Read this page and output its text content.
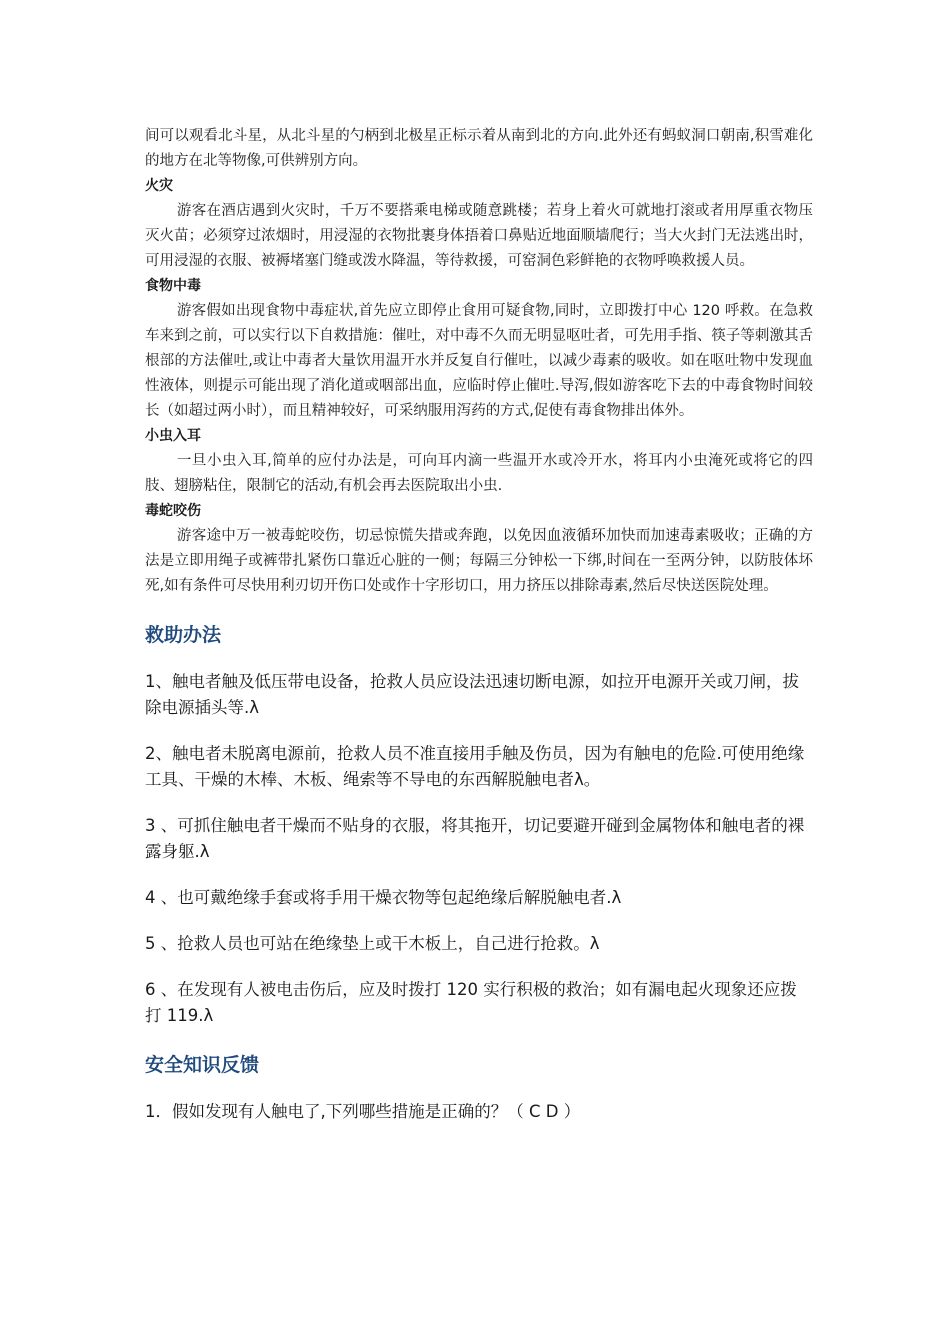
间可以观看北斗星，从北斗星的勺柄到北极星正标示着从南到北的方向.此外还有蚂蚁洞口朝南,积雪难化的地方在北等物像,可供辨别方向。

火灾

游客在酒店遇到火灾时，千万不要搭乘电梯或随意跳楼；若身上着火可就地打滚或者用厚重衣物压灭火苗；必须穿过浓烟时，用浸湿的衣物批裹身体捂着口鼻贴近地面顺墙爬行；当大火封门无法逃出时，可用浸湿的衣服、被褥堵塞门缝或泼水降温，等待救援，可窑洞色彩鲜艳的衣物呼唤救援人员。

食物中毒

游客假如出现食物中毒症状,首先应立即停止食用可疑食物,同时，立即拨打中心 120 呼救。在急救车来到之前，可以实行以下自救措施：催吐，对中毒不久而无明显呕吐者，可先用手指、筷子等刺激其舌根部的方法催吐,或让中毒者大量饮用温开水并反复自行催吐，以减少毒素的吸收。如在呕吐物中发现血性液体，则提示可能出现了消化道或咽部出血，应临时停止催吐.导泻,假如游客吃下去的中毒食物时间较长（如超过两小时），而且精神较好，可采纳服用泻药的方式,促使有毒食物排出体外。

小虫入耳

一旦小虫入耳,简单的应付办法是，可向耳内滴一些温开水或冷开水，将耳内小虫淹死或将它的四肢、翅膀粘住，限制它的活动,有机会再去医院取出小虫.

毒蛇咬伤

游客途中万一被毒蛇咬伤，切忌惊慌失措或奔跑，以免因血液循环加快而加速毒素吸收；正确的方法是立即用绳子或裤带扎紧伤口靠近心脏的一侧；每隔三分钟松一下绑,时间在一至两分钟，以防肢体坏死,如有条件可尽快用利刃切开伤口处或作十字形切口，用力挤压以排除毒素,然后尽快送医院处理。

救助办法

1、触电者触及低压带电设备，抢救人员应设法迅速切断电源，如拉开电源开关或刀闸，拔除电源插头等.λ

2、触电者未脱离电源前，抢救人员不准直接用手触及伤员，因为有触电的危险.可使用绝缘工具、干燥的木棒、木板、绳索等不导电的东西解脱触电者λ。

3 、可抓住触电者干燥而不贴身的衣服，将其拖开，切记要避开碰到金属物体和触电者的裸露身躯.λ

4 、也可戴绝缘手套或将手用干燥衣物等包起绝缘后解脱触电者.λ

5 、抢救人员也可站在绝缘垫上或干木板上，自己进行抢救。λ

6 、在发现有人被电击伤后，应及时拨打 120 实行积极的救治；如有漏电起火现象还应拨打 119.λ

安全知识反馈

1．假如发现有人触电了,下列哪些措施是正确的？（ C D ）
